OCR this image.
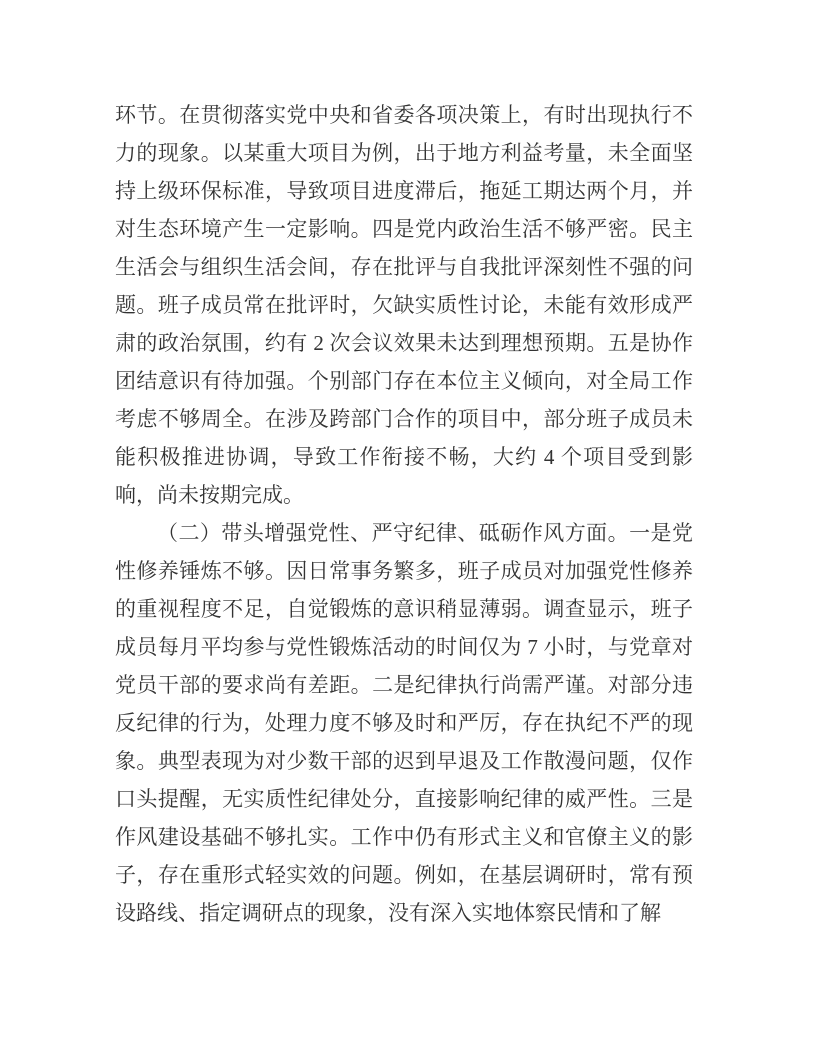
环节。在贯彻落实党中央和省委各项决策上，有时出现执行不力的现象。以某重大项目为例，出于地方利益考量，未全面坚持上级环保标准，导致项目进度滞后，拖延工期达两个月，并对生态环境产生一定影响。四是党内政治生活不够严密。民主生活会与组织生活会间，存在批评与自我批评深刻性不强的问题。班子成员常在批评时，欠缺实质性讨论，未能有效形成严肃的政治氛围，约有 2 次会议效果未达到理想预期。五是协作团结意识有待加强。个别部门存在本位主义倾向，对全局工作考虑不够周全。在涉及跨部门合作的项目中，部分班子成员未能积极推进协调，导致工作衔接不畅，大约 4 个项目受到影响，尚未按期完成。

（二）带头增强党性、严守纪律、砥砺作风方面。一是党性修养锤炼不够。因日常事务繁多，班子成员对加强党性修养的重视程度不足，自觉锻炼的意识稍显薄弱。调查显示，班子成员每月平均参与党性锻炼活动的时间仅为 7 小时，与党章对党员干部的要求尚有差距。二是纪律执行尚需严谨。对部分违反纪律的行为，处理力度不够及时和严厉，存在执纪不严的现象。典型表现为对少数干部的迟到早退及工作散漫问题，仅作口头提醒，无实质性纪律处分，直接影响纪律的威严性。三是作风建设基础不够扎实。工作中仍有形式主义和官僚主义的影子，存在重形式轻实效的问题。例如，在基层调研时，常有预设路线、指定调研点的现象，没有深入实地体察民情和了解
